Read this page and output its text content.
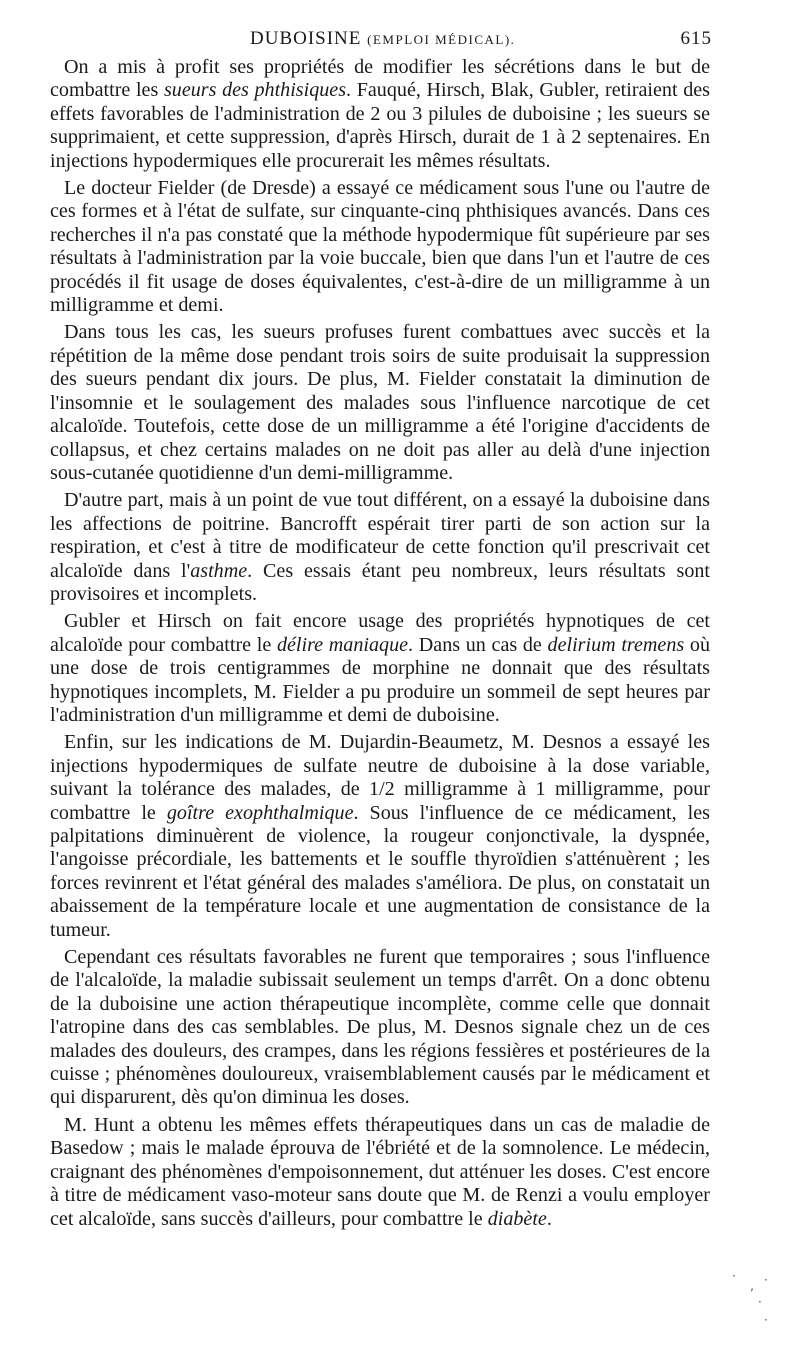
DUBOISINE (EMPLOI MÉDICAL).	615

On a mis à profit ses propriétés de modifier les sécrétions dans le but de combattre les sueurs des phthisiques. Fauqué, Hirsch, Blak, Gubler, retiraient des effets favorables de l'administration de 2 ou 3 pilules de duboisine ; les sueurs se supprimaient, et cette suppression, d'après Hirsch, durait de 1 à 2 septenaires. En injections hypodermiques elle procurerait les mêmes résultats.

Le docteur Fielder (de Dresde) a essayé ce médicament sous l'une ou l'autre de ces formes et à l'état de sulfate, sur cinquante-cinq phthisiques avancés. Dans ces recherches il n'a pas constaté que la méthode hypodermique fût supérieure par ses résultats à l'administration par la voie buccale, bien que dans l'un et l'autre de ces procédés il fit usage de doses équivalentes, c'est-à-dire de un milligramme à un milligramme et demi.

Dans tous les cas, les sueurs profuses furent combattues avec succès et la répétition de la même dose pendant trois soirs de suite produisait la suppression des sueurs pendant dix jours. De plus, M. Fielder constatait la diminution de l'insomnie et le soulagement des malades sous l'influence narcotique de cet alcaloïde. Toutefois, cette dose de un milligramme a été l'origine d'accidents de collapsus, et chez certains malades on ne doit pas aller au delà d'une injection sous-cutanée quotidienne d'un demi-milligramme.

D'autre part, mais à un point de vue tout différent, on a essayé la duboisine dans les affections de poitrine. Bancrofft espérait tirer parti de son action sur la respiration, et c'est à titre de modificateur de cette fonction qu'il prescrivait cet alcaloïde dans l'asthme. Ces essais étant peu nombreux, leurs résultats sont provisoires et incomplets.

Gubler et Hirsch on fait encore usage des propriétés hypnotiques de cet alcaloïde pour combattre le délire maniaque. Dans un cas de delirium tremens où une dose de trois centigrammes de morphine ne donnait que des résultats hypnotiques incomplets, M. Fielder a pu produire un sommeil de sept heures par l'administration d'un milligramme et demi de duboisine.

Enfin, sur les indications de M. Dujardin-Beaumetz, M. Desnos a essayé les injections hypodermiques de sulfate neutre de duboisine à la dose variable, suivant la tolérance des malades, de 1/2 milligramme à 1 milligramme, pour combattre le goître exophthalmique. Sous l'influence de ce médicament, les palpitations diminuèrent de violence, la rougeur conjonctivale, la dyspnée, l'angoisse précordiale, les battements et le souffle thyroïdien s'atténuèrent ; les forces revinrent et l'état général des malades s'améliora. De plus, on constatait un abaissement de la température locale et une augmentation de consistance de la tumeur.

Cependant ces résultats favorables ne furent que temporaires ; sous l'influence de l'alcaloïde, la maladie subissait seulement un temps d'arrêt. On a donc obtenu de la duboisine une action thérapeutique incomplète, comme celle que donnait l'atropine dans des cas semblables. De plus, M. Desnos signale chez un de ces malades des douleurs, des crampes, dans les régions fessières et postérieures de la cuisse ; phénomènes douloureux, vraisemblablement causés par le médicament et qui disparurent, dès qu'on diminua les doses.

M. Hunt a obtenu les mêmes effets thérapeutiques dans un cas de maladie de Basedow ; mais le malade éprouva de l'ébriété et de la somnolence. Le médecin, craignant des phénomènes d'empoisonnement, dut atténuer les doses. C'est encore à titre de médicament vaso-moteur sans doute que M. de Renzi a voulu employer cet alcaloïde, sans succès d'ailleurs, pour combattre le diabète.

·
‚ ·
·
·
